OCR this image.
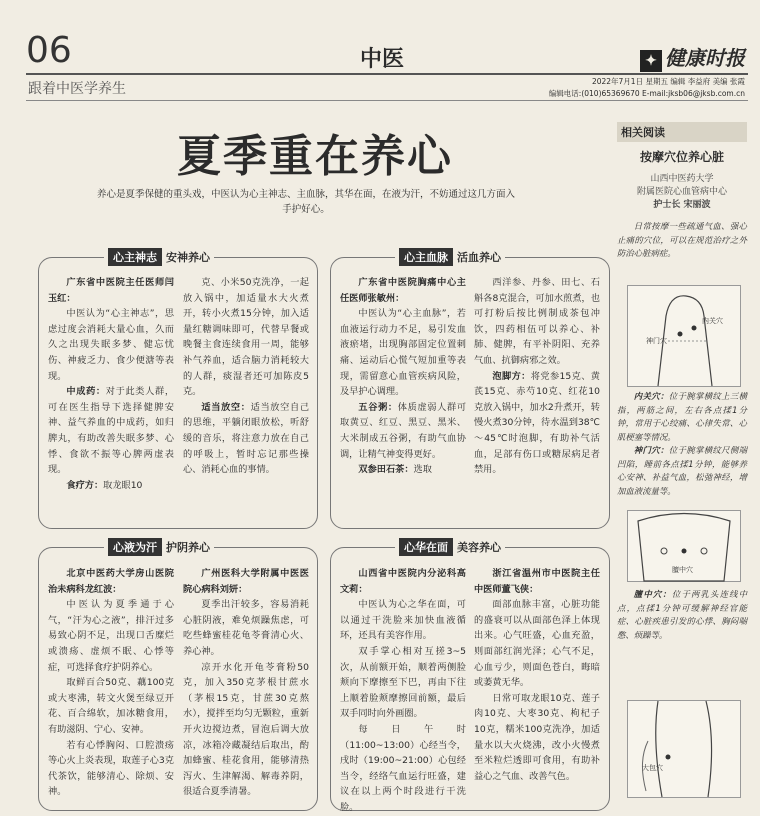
06	中医	✦ 健康时报
跟着中医学养生	2022年7月1日 星期五 编辑 李益府 美编 张霞
编辑电话:(010)65369670 E-mail:jksb06@jksb.com.cn
夏季重在养心
养心是夏季保健的重头戏，中医认为心主神志、主血脉，其华在面，在液为汗，不妨通过这几方面入手护好心。
心主神志 安神养心

广东省中医院主任医师闫玉红：

中医认为“心主神志”，思虑过度会消耗大量心血，久而久之出现失眠多梦、健忘忧伤、神疲乏力、食少便溏等表现。

中成药：对于此类人群，可在医生指导下选择健脾安神、益气养血的中成药，如归脾丸，有助改善失眠多梦、心悸、食欲不振等心脾两虚表现。

食疗方：取龙眼10

克、小米50克洗净，一起放入锅中，加适量水大火煮开，转小火煮15分钟，加入适量红糖调味即可，代替早餐或晚餐主食连续食用一周，能够补气养血，适合脑力消耗较大的人群，痰湿者还可加陈皮5克。

适当放空：适当放空自己的思维，平躺闭眼放松，听舒缓的音乐，将注意力放在自己的呼吸上，暂时忘记那些操心、消耗心血的事情。

心主血脉 活血养心

广东省中医院胸痛中心主任医师张敏州：

中医认为“心主血脉”，若血液运行动力不足，易引发血液瘀堵，出现胸部固定位置刺痛、运动后心慌气短加重等表现，需留意心血管疾病风险，及早护心调理。

五谷粥：体质虚弱人群可取黄豆、红豆、黑豆、黑米、大米制成五谷粥，有助气血协调，让精气神变得更好。

双参田石茶：选取

西洋参、丹参、田七、石斛各8克混合，可加水煎煮，也可打粉后按比例制成茶包冲饮，四药相伍可以养心、补肺、健脾，有平补阴阳、充养气血、抗御病邪之效。

泡脚方：将党参15克、黄芪15克、赤芍10克、红花10克放入锅中，加水2升煮开，转慢火煮30分钟，待水温到38℃～45℃时泡脚，有助补气活血，足部有伤口或糖尿病足者禁用。

心液为汗 护阴养心

北京中医药大学房山医院治未病科龙红波：

中医认为夏季通于心气，“汗为心之液”，排汗过多易致心阴不足，出现口舌糜烂或溃疡、虚烦不眠、心悸等症，可选择食疗护阴养心。

取鲜百合50克、藕100克或大枣沸，转文火煲至绿豆开花、百合绵软，加冰糖食用，有助滋阴、宁心、安神。

若有心悸胸闷、口腔溃疡等心火上炎表现，取莲子心3克代茶饮，能够清心、除烦、安神。

广州医科大学附属中医医院心病科刘妍：

夏季出汗较多，容易消耗心脏阴液，难免烦躁焦虑，可吃些蜂蜜桂花龟苓膏清心火、养心神。

凉开水化开龟苓膏粉50克，加入350克茅根甘蔗水（茅根15克，甘蔗30克熬水），搅拌至均匀无颗粒，重新开火边搅边煮，冒泡后调大放凉，冰箱冷藏凝结后取出，酌加蜂蜜、桂花食用，能够清热泻火、生津解渴、解毒养阴，很适合夏季清暑。

心华在面 美容养心

山西省中医院内分泌科高文莉：

中医认为心之华在面，可以通过干洗脸来加快血液循环，还具有美容作用。

双手掌心相对互搓3~5次，从前额开始，顺着两侧脸颊向下摩擦至下巴，再由下往上顺着脸颊摩擦回前额，最后双手同时向外画圈。

每日午时（11:00~13:00）心经当令，戌时（19:00~21:00）心包经当令，经络气血运行旺盛，建议在以上两个时段进行干洗脸。

浙江省温州市中医院主任中医师董飞侠：

面部血脉丰富，心脏功能的盛衰可以从面部色泽上体现出来。心气旺盛，心血充盈，则面部红润光泽；心气不足，心血亏少，则面色苍白，晦暗或萎黄无华。

日常可取龙眼10克、莲子肉10克、大枣30克、枸杞子10克，糯米100克洗净，加适量水以大火烧沸，改小火慢煮至米粒烂透即可食用，有助补益心之气血、改善气色。

相关阅读
按摩穴位养心脏
山西中医药大学
附属医院心血管病中心
护士长 宋丽波

日常按摩一些疏通气血、强心止痛的穴位，可以在规范治疗之外防治心脏病症。

内关穴
神门穴

内关穴：位于腕掌横纹上三横指，两筋之间，左右各点揉1分钟，常用于心绞痛、心律失常、心肌梗塞等情况。

神门穴：位于腕掌横纹尺侧端凹陷，睡前各点揉1分钟，能够养心安神、补益气血，松弛神经，增加血液流量等。

膻中穴

膻中穴：位于两乳头连线中点，点揉1分钟可缓解神经官能症、心脏疾患引发的心悸、胸闷喘憋、烦躁等。

大包穴
